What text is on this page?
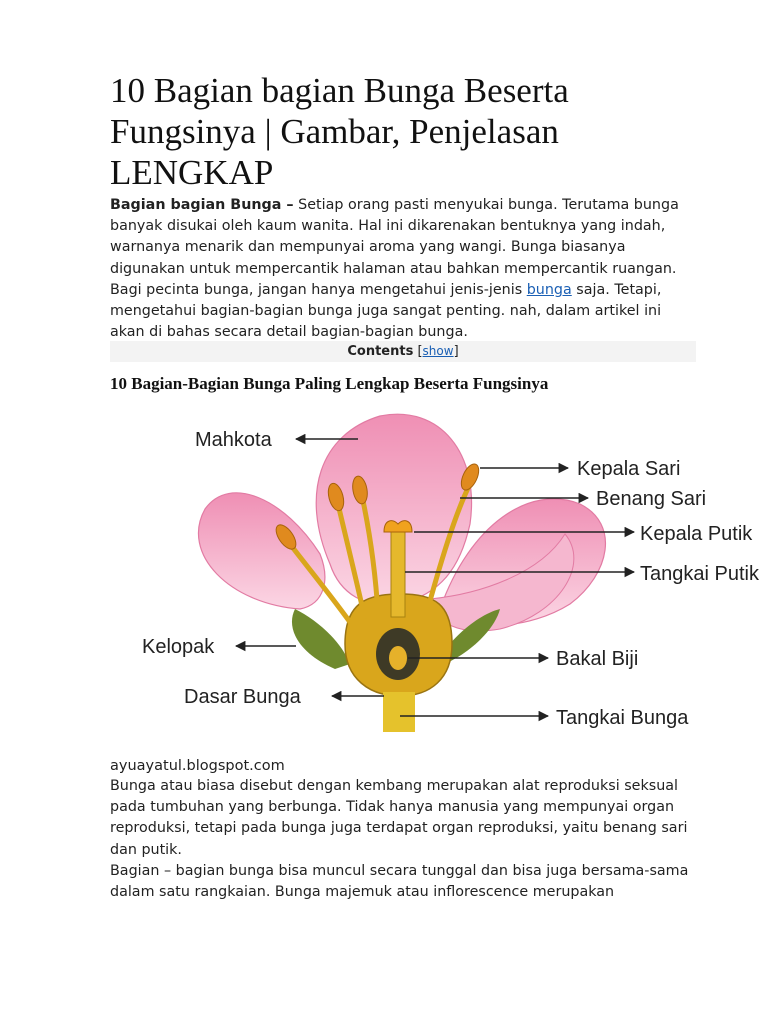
10 Bagian bagian Bunga Beserta Fungsinya | Gambar, Penjelasan LENGKAP

Bagian bagian Bunga – Setiap orang pasti menyukai bunga. Terutama bunga banyak disukai oleh kaum wanita. Hal ini dikarenakan bentuknya yang indah, warnanya menarik dan mempunyai aroma yang wangi. Bunga biasanya digunakan untuk mempercantik halaman atau bahkan mempercantik ruangan. Bagi pecinta bunga, jangan hanya mengetahui jenis-jenis bunga saja. Tetapi, mengetahui bagian-bagian bunga juga sangat penting. nah, dalam artikel ini akan di bahas secara detail bagian-bagian bunga.

Contents [show]
10 Bagian-Bagian Bunga Paling Lengkap Beserta Fungsinya
Mahkota
Kepala Sari
Benang Sari
Kepala Putik
Tangkai Putik
Kelopak
Bakal Biji
Dasar Bunga
Tangkai Bunga
ayuayatul.blogspot.com

Bunga atau biasa disebut dengan kembang merupakan alat reproduksi seksual pada tumbuhan yang berbunga. Tidak hanya manusia yang mempunyai organ reproduksi, tetapi pada bunga juga terdapat organ reproduksi, yaitu benang sari dan putik.

Bagian – bagian bunga bisa muncul secara tunggal dan bisa juga bersama-sama dalam satu rangkaian. Bunga majemuk atau inflorescence merupakan
